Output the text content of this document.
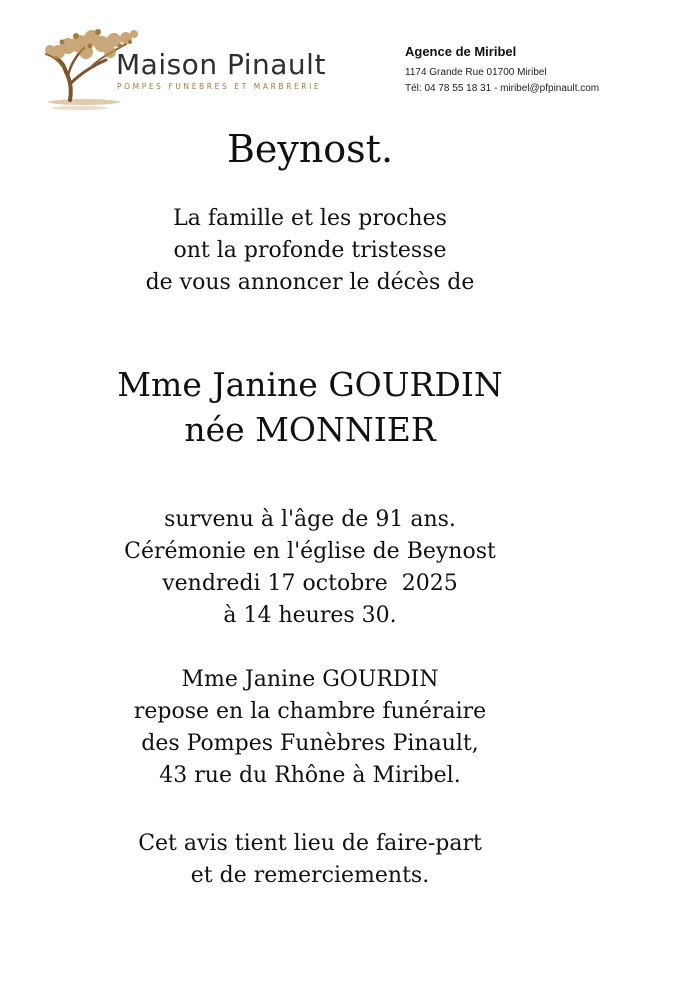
Maison Pinault
POMPES FUNÈBRES ET MARBRERIE
Agence de Miribel
1174 Grande Rue 01700 Miribel
Tél: 04 78 55 18 31 - miribel@pfpinault.com
Beynost.
La famille et les proches
ont la profonde tristesse
de vous annoncer le décès de
Mme Janine GOURDIN
née MONNIER
survenu à l'âge de 91 ans.
Cérémonie en l'église de Beynost
vendredi 17 octobre  2025
à 14 heures 30.
Mme Janine GOURDIN
repose en la chambre funéraire
des Pompes Funèbres Pinault,
43 rue du Rhône à Miribel.
Cet avis tient lieu de faire-part
et de remerciements.
